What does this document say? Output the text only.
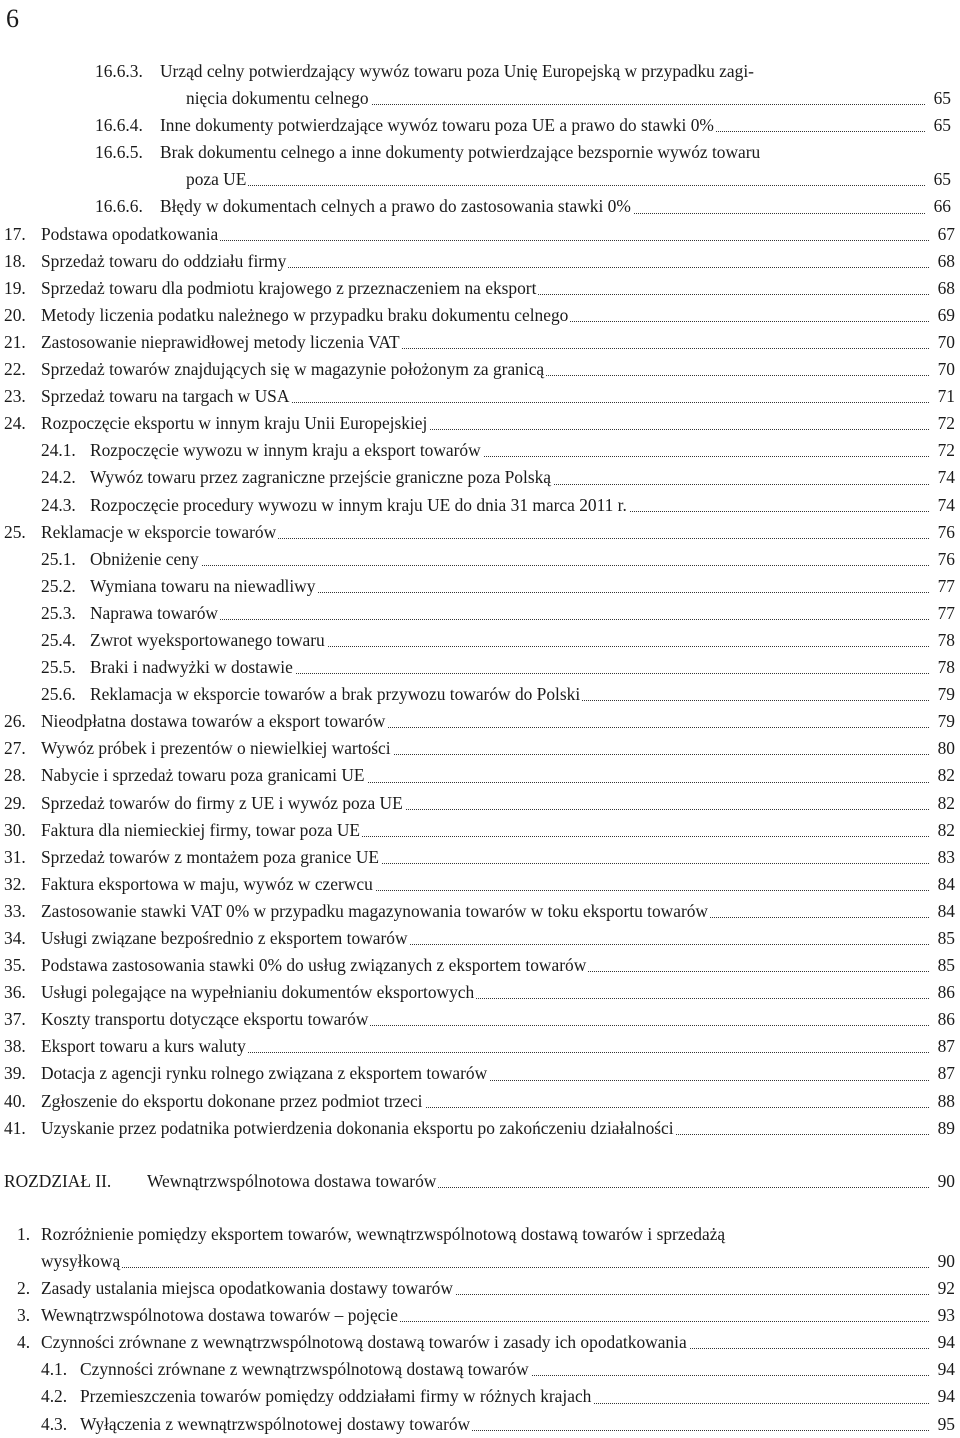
6
16.6.3. Urząd celny potwierdzający wywóz towaru poza Unię Europejską w przypadku zagi-
nięcia dokumentu celnego	65
16.6.4. Inne dokumenty potwierdzające wywóz towaru poza UE a prawo do stawki 0%	65
16.6.5. Brak dokumentu celnego a inne dokumenty potwierdzające bezspornie wywóz towaru
poza UE	65
16.6.6. Błędy w dokumentach celnych a prawo do zastosowania stawki 0%	66
17. Podstawa opodatkowania	67
18. Sprzedaż towaru do oddziału firmy	68
19. Sprzedaż towaru dla podmiotu krajowego z przeznaczeniem na eksport	68
20. Metody liczenia podatku należnego w przypadku braku dokumentu celnego	69
21. Zastosowanie nieprawidłowej metody liczenia VAT	70
22. Sprzedaż towarów znajdujących się w magazynie położonym za granicą	70
23. Sprzedaż towaru na targach w USA	71
24. Rozpoczęcie eksportu w innym kraju Unii Europejskiej	72
24.1. Rozpoczęcie wywozu w innym kraju a eksport towarów	72
24.2. Wywóz towaru przez zagraniczne przejście graniczne poza Polską	74
24.3. Rozpoczęcie procedury wywozu w innym kraju UE do dnia 31 marca 2011 r.	74
25. Reklamacje w eksporcie towarów	76
25.1. Obniżenie ceny	76
25.2. Wymiana towaru na niewadliwy	77
25.3. Naprawa towarów	77
25.4. Zwrot wyeksportowanego towaru	78
25.5. Braki i nadwyżki w dostawie	78
25.6. Reklamacja w eksporcie towarów a brak przywozu towarów do Polski	79
26. Nieodpłatna dostawa towarów a eksport towarów	79
27. Wywóz próbek i prezentów o niewielkiej wartości	80
28. Nabycie i sprzedaż towaru poza granicami UE	82
29. Sprzedaż towarów do firmy z UE i wywóz poza UE	82
30. Faktura dla niemieckiej firmy, towar poza UE	82
31. Sprzedaż towarów z montażem poza granice UE	83
32. Faktura eksportowa w maju, wywóz w czerwcu	84
33. Zastosowanie stawki VAT 0% w przypadku magazynowania towarów w toku eksportu towarów	84
34. Usługi związane bezpośrednio z eksportem towarów	85
35. Podstawa zastosowania stawki 0% do usług związanych z eksportem towarów	85
36. Usługi polegające na wypełnianiu dokumentów eksportowych	86
37. Koszty transportu dotyczące eksportu towarów	86
38. Eksport towaru a kurs waluty	87
39. Dotacja z agencji rynku rolnego związana z eksportem towarów	87
40. Zgłoszenie do eksportu dokonane przez podmiot trzeci	88
41. Uzyskanie przez podatnika potwierdzenia dokonania eksportu po zakończeniu działalności	89
ROZDZIAŁ II. Wewnątrzwspólnotowa dostawa towarów	90
1. Rozróżnienie pomiędzy eksportem towarów, wewnątrzwspólnotową dostawą towarów i sprzedażą
wysyłkową	90
2. Zasady ustalania miejsca opodatkowania dostawy towarów	92
3. Wewnątrzwspólnotowa dostawa towarów – pojęcie	93
4. Czynności zrównane z wewnątrzwspólnotową dostawą towarów i zasady ich opodatkowania	94
4.1. Czynności zrównane z wewnątrzwspólnotową dostawą towarów	94
4.2. Przemieszczenia towarów pomiędzy oddziałami firmy w różnych krajach	94
4.3. Wyłączenia z wewnątrzwspólnotowej dostawy towarów	95
